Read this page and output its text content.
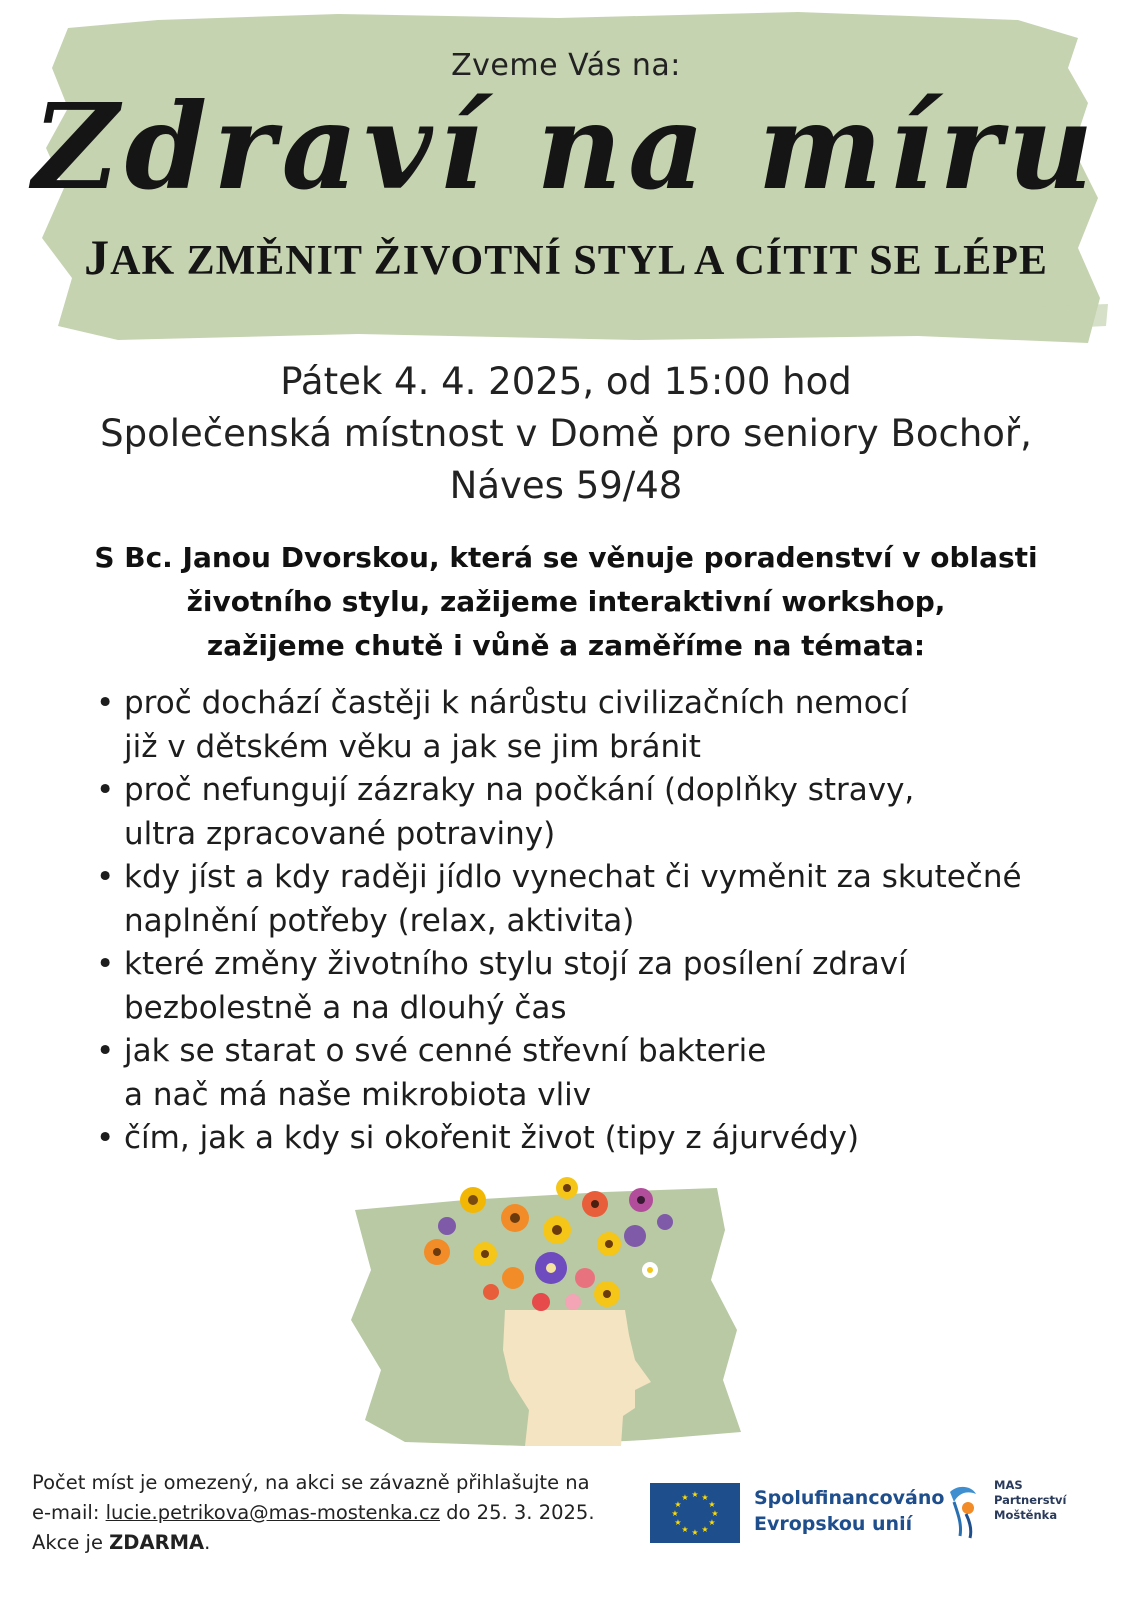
Zveme Vás na:
Zdraví na míru
JAK ZMĚNIT ŽIVOTNÍ STYL A CÍTIT SE LÉPE
Pátek 4. 4. 2025, od 15:00 hod
Společenská místnost v Domě pro seniory Bochoř,
Náves 59/48
S Bc. Janou Dvorskou, která se věnuje poradenství v oblasti
životního stylu, zažijeme interaktivní workshop,
zažijeme chutě i vůně a zaměříme na témata:
• proč dochází častěji k nárůstu civilizačních nemocí
již v dětském věku a jak se jim bránit
• proč nefungují zázraky na počkání (doplňky stravy,
ultra zpracované potraviny)
• kdy jíst a kdy raději jídlo vynechat či vyměnit za skutečné
naplnění potřeby (relax, aktivita)
• které změny životního stylu stojí za posílení zdraví
bezbolestně a na dlouhý čas
• jak se starat o své cenné střevní bakterie
a nač má naše mikrobiota vliv
• čím, jak a kdy si okořenit život (tipy z ájurvédy)
Počet míst je omezený, na akci se závazně přihlašujte na
e-mail: lucie.petrikova@mas-mostenka.cz do 25. 3. 2025.
Akce je ZDARMA.
★ ★
★
★
★
★
★
★
★
★
★
★	Spolufinancováno
Evropskou unií
MAS
Partnerství
Moštěnka
